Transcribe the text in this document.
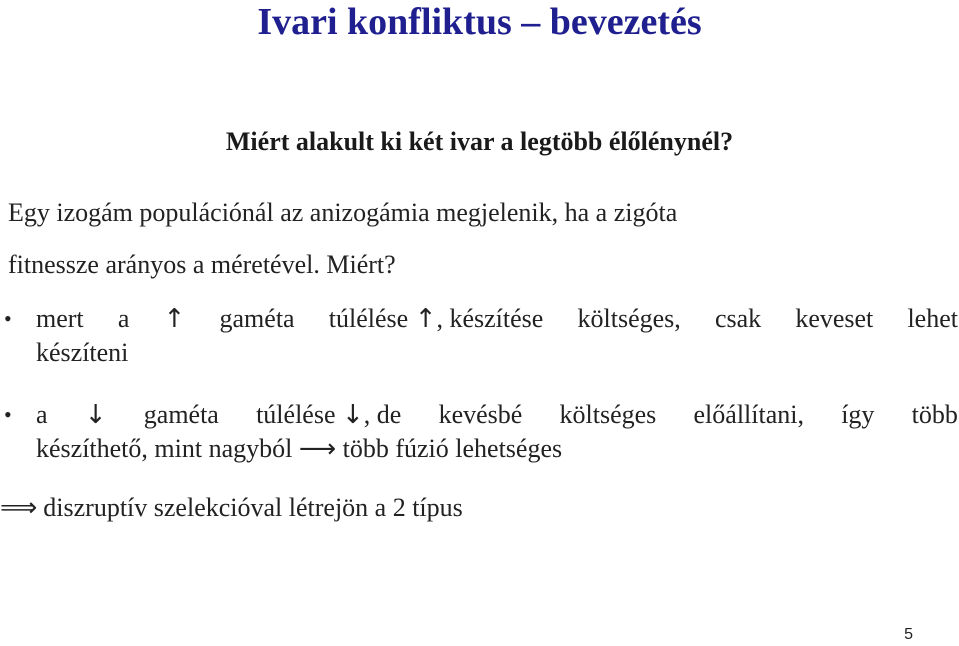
Ivari konfliktus – bevezetés
Miért alakult ki két ivar a legtöbb élőlénynél?
Egy izogám populációnál az anizogámia megjelenik, ha a zigóta
fitnessze arányos a méretével. Miért?
• mert a ↑ gaméta túlélése ↑, készítése költséges, csak keveset lehet
készíteni
• a ↓ gaméta túlélése ↓, de kevésbé költséges előállítani, így több
készíthető, mint nagyból ⟶ több fúzió lehetséges
⟹ diszruptív szelekcióval létrejön a 2 típus
5
